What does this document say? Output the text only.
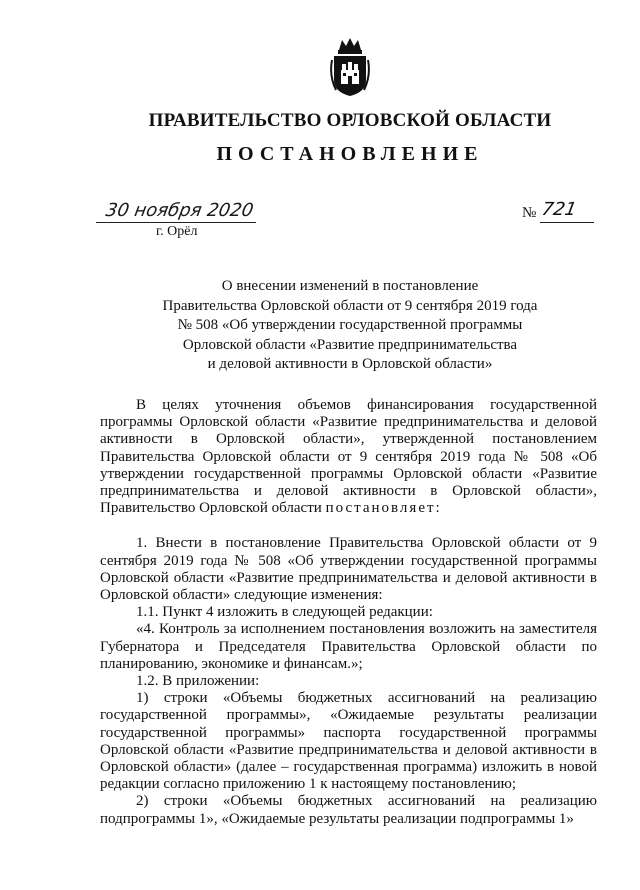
ПРАВИТЕЛЬСТВО ОРЛОВСКОЙ ОБЛАСТИ
ПОСТАНОВЛЕНИЕ
30 ноября 2020
г. Орёл
№ 721
О внесении изменений в постановление
Правительства Орловской области от 9 сентября 2019 года
№ 508 «Об утверждении государственной программы
Орловской области «Развитие предпринимательства
и деловой активности в Орловской области»

В целях уточнения объемов финансирования государственной программы Орловской области «Развитие предпринимательства и деловой активности в Орловской области», утвержденной постановлением Правительства Орловской области от 9 сентября 2019 года № 508 «Об утверждении государственной программы Орловской области «Развитие предпринимательства и деловой активности в Орловской области», Правительство Орловской области постановляет:

1. Внести в постановление Правительства Орловской области от 9 сентября 2019 года № 508 «Об утверждении государственной программы Орловской области «Развитие предпринимательства и деловой активности в Орловской области» следующие изменения:

1.1. Пункт 4 изложить в следующей редакции:

«4. Контроль за исполнением постановления возложить на заместителя Губернатора и Председателя Правительства Орловской области по планированию, экономике и финансам.»;

1.2. В приложении:

1) строки «Объемы бюджетных ассигнований на реализацию государственной программы», «Ожидаемые результаты реализации государственной программы» паспорта государственной программы Орловской области «Развитие предпринимательства и деловой активности в Орловской области» (далее – государственная программа) изложить в новой редакции согласно приложению 1 к настоящему постановлению;

2) строки «Объемы бюджетных ассигнований на реализацию подпрограммы 1», «Ожидаемые результаты реализации подпрограммы 1»
